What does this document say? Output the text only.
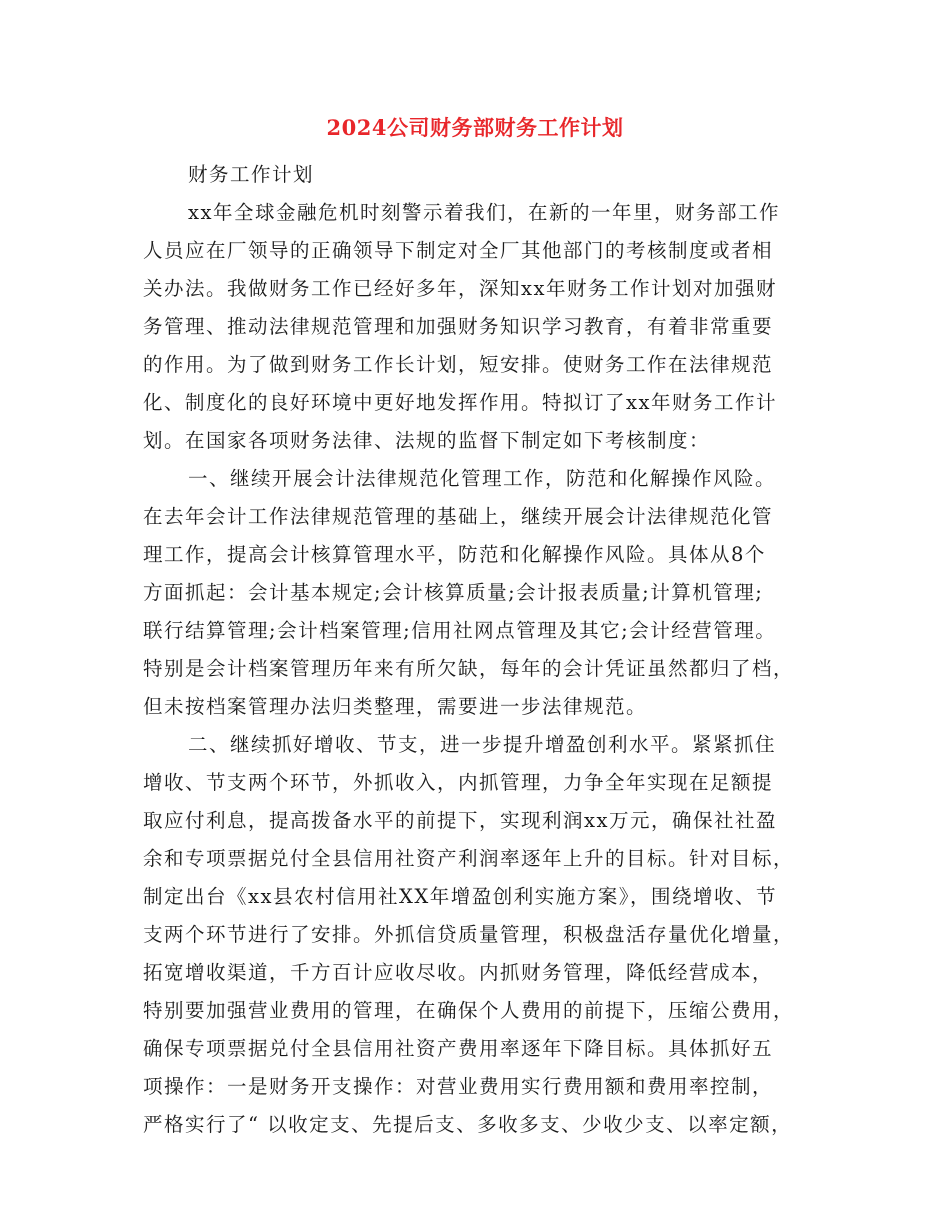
2024公司财务部财务工作计划
财务工作计划
xx年全球金融危机时刻警示着我们，在新的一年里，财务部工作
人员应在厂领导的正确领导下制定对全厂其他部门的考核制度或者相
关办法。我做财务工作已经好多年，深知xx年财务工作计划对加强财
务管理、推动法律规范管理和加强财务知识学习教育，有着非常重要
的作用。为了做到财务工作长计划，短安排。使财务工作在法律规范
化、制度化的良好环境中更好地发挥作用。特拟订了xx年财务工作计
划。在国家各项财务法律、法规的监督下制定如下考核制度：
一、继续开展会计法律规范化管理工作，防范和化解操作风险。
在去年会计工作法律规范管理的基础上，继续开展会计法律规范化管
理工作，提高会计核算管理水平，防范和化解操作风险。具体从8个
方面抓起：会计基本规定;会计核算质量;会计报表质量;计算机管理;
联行结算管理;会计档案管理;信用社网点管理及其它;会计经营管理。
特别是会计档案管理历年来有所欠缺，每年的会计凭证虽然都归了档，
但未按档案管理办法归类整理，需要进一步法律规范。
二、继续抓好增收、节支，进一步提升增盈创利水平。紧紧抓住
增收、节支两个环节，外抓收入，内抓管理，力争全年实现在足额提
取应付利息，提高拨备水平的前提下，实现利润xx万元，确保社社盈
余和专项票据兑付全县信用社资产利润率逐年上升的目标。针对目标，
制定出台《xx县农村信用社XX年增盈创利实施方案》，围绕增收、节
支两个环节进行了安排。外抓信贷质量管理，积极盘活存量优化增量，
拓宽增收渠道，千方百计应收尽收。内抓财务管理，降低经营成本，
特别要加强营业费用的管理，在确保个人费用的前提下，压缩公费用，
确保专项票据兑付全县信用社资产费用率逐年下降目标。具体抓好五
项操作：一是财务开支操作：对营业费用实行费用额和费用率控制，
严格实行了“ 以收定支、先提后支、多收多支、少收少支、以率定额，
